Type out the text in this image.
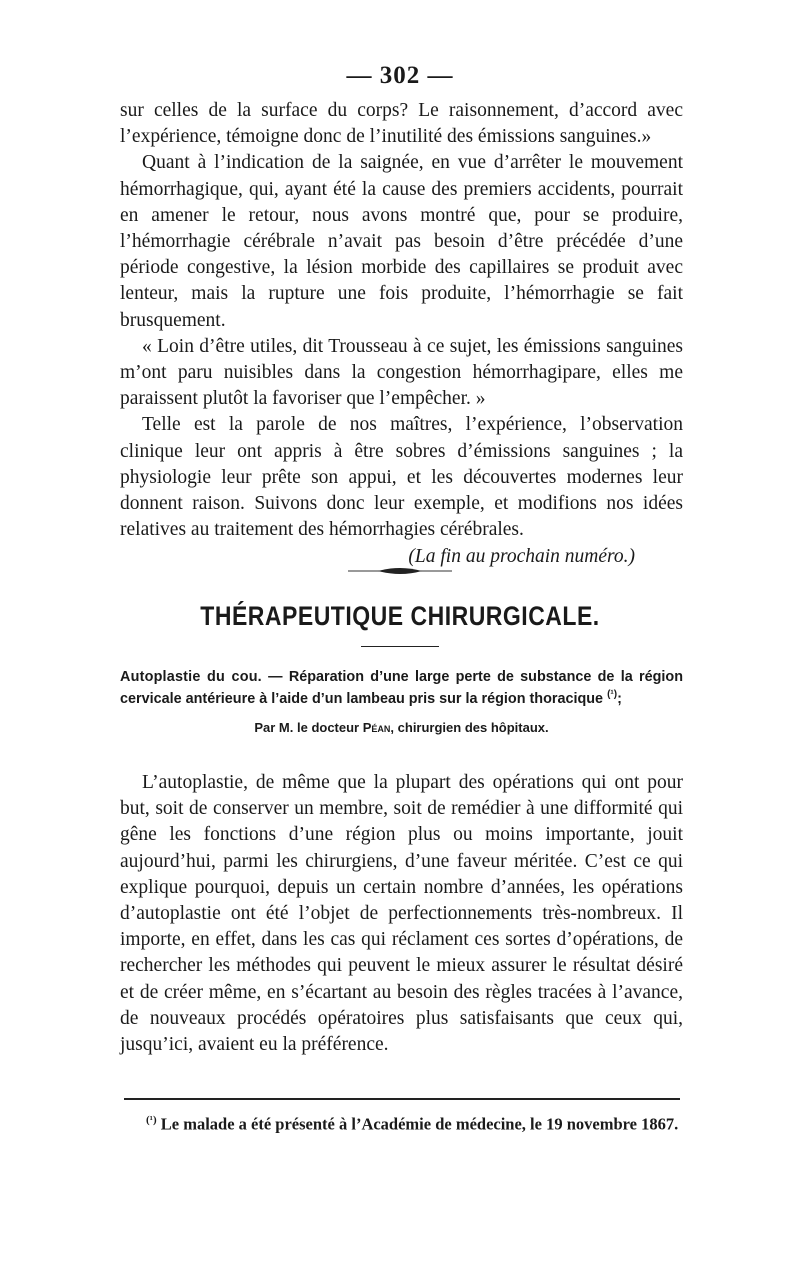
— 302 —

sur celles de la surface du corps? Le raisonnement, d’accord avec l’expérience, témoigne donc de l’inutilité des émissions sanguines.»

Quant à l’indication de la saignée, en vue d’arrêter le mouvement hémorrhagique, qui, ayant été la cause des premiers accidents, pourrait en amener le retour, nous avons montré que, pour se produire, l’hémorrhagie cérébrale n’avait pas besoin d’être précédée d’une période congestive, la lésion morbide des capillaires se produit avec lenteur, mais la rupture une fois produite, l’hémorrhagie se fait brusquement.

« Loin d’être utiles, dit Trousseau à ce sujet, les émissions sanguines m’ont paru nuisibles dans la congestion hémorrhagipare, elles me paraissent plutôt la favoriser que l’empêcher. »

Telle est la parole de nos maîtres, l’expérience, l’observation clinique leur ont appris à être sobres d’émissions sanguines ; la physiologie leur prête son appui, et les découvertes modernes leur donnent raison. Suivons donc leur exemple, et modifions nos idées relatives au traitement des hémorrhagies cérébrales.

(La fin au prochain numéro.)
THÉRAPEUTIQUE CHIRURGICALE.
Autoplastie du cou. — Réparation d’une large perte de substance de la région cervicale antérieure à l’aide d’un lambeau pris sur la région thoracique $^{(^1)}$;
Par M. le docteur Péan, chirurgien des hôpitaux.

L’autoplastie, de même que la plupart des opérations qui ont pour but, soit de conserver un membre, soit de remédier à une difformité qui gêne les fonctions d’une région plus ou moins importante, jouit aujourd’hui, parmi les chirurgiens, d’une faveur méritée. C’est ce qui explique pourquoi, depuis un certain nombre d’années, les opérations d’autoplastie ont été l’objet de perfectionnements très-nombreux. Il importe, en effet, dans les cas qui réclament ces sortes d’opérations, de rechercher les méthodes qui peuvent le mieux assurer le résultat désiré et de créer même, en s’écartant au besoin des règles tracées à l’avance, de nouveaux procédés opératoires plus satisfaisants que ceux qui, jusqu’ici, avaient eu la préférence.

$^{(^1)}$ Le malade a été présenté à l’Académie de médecine, le 19 novembre 1867.
